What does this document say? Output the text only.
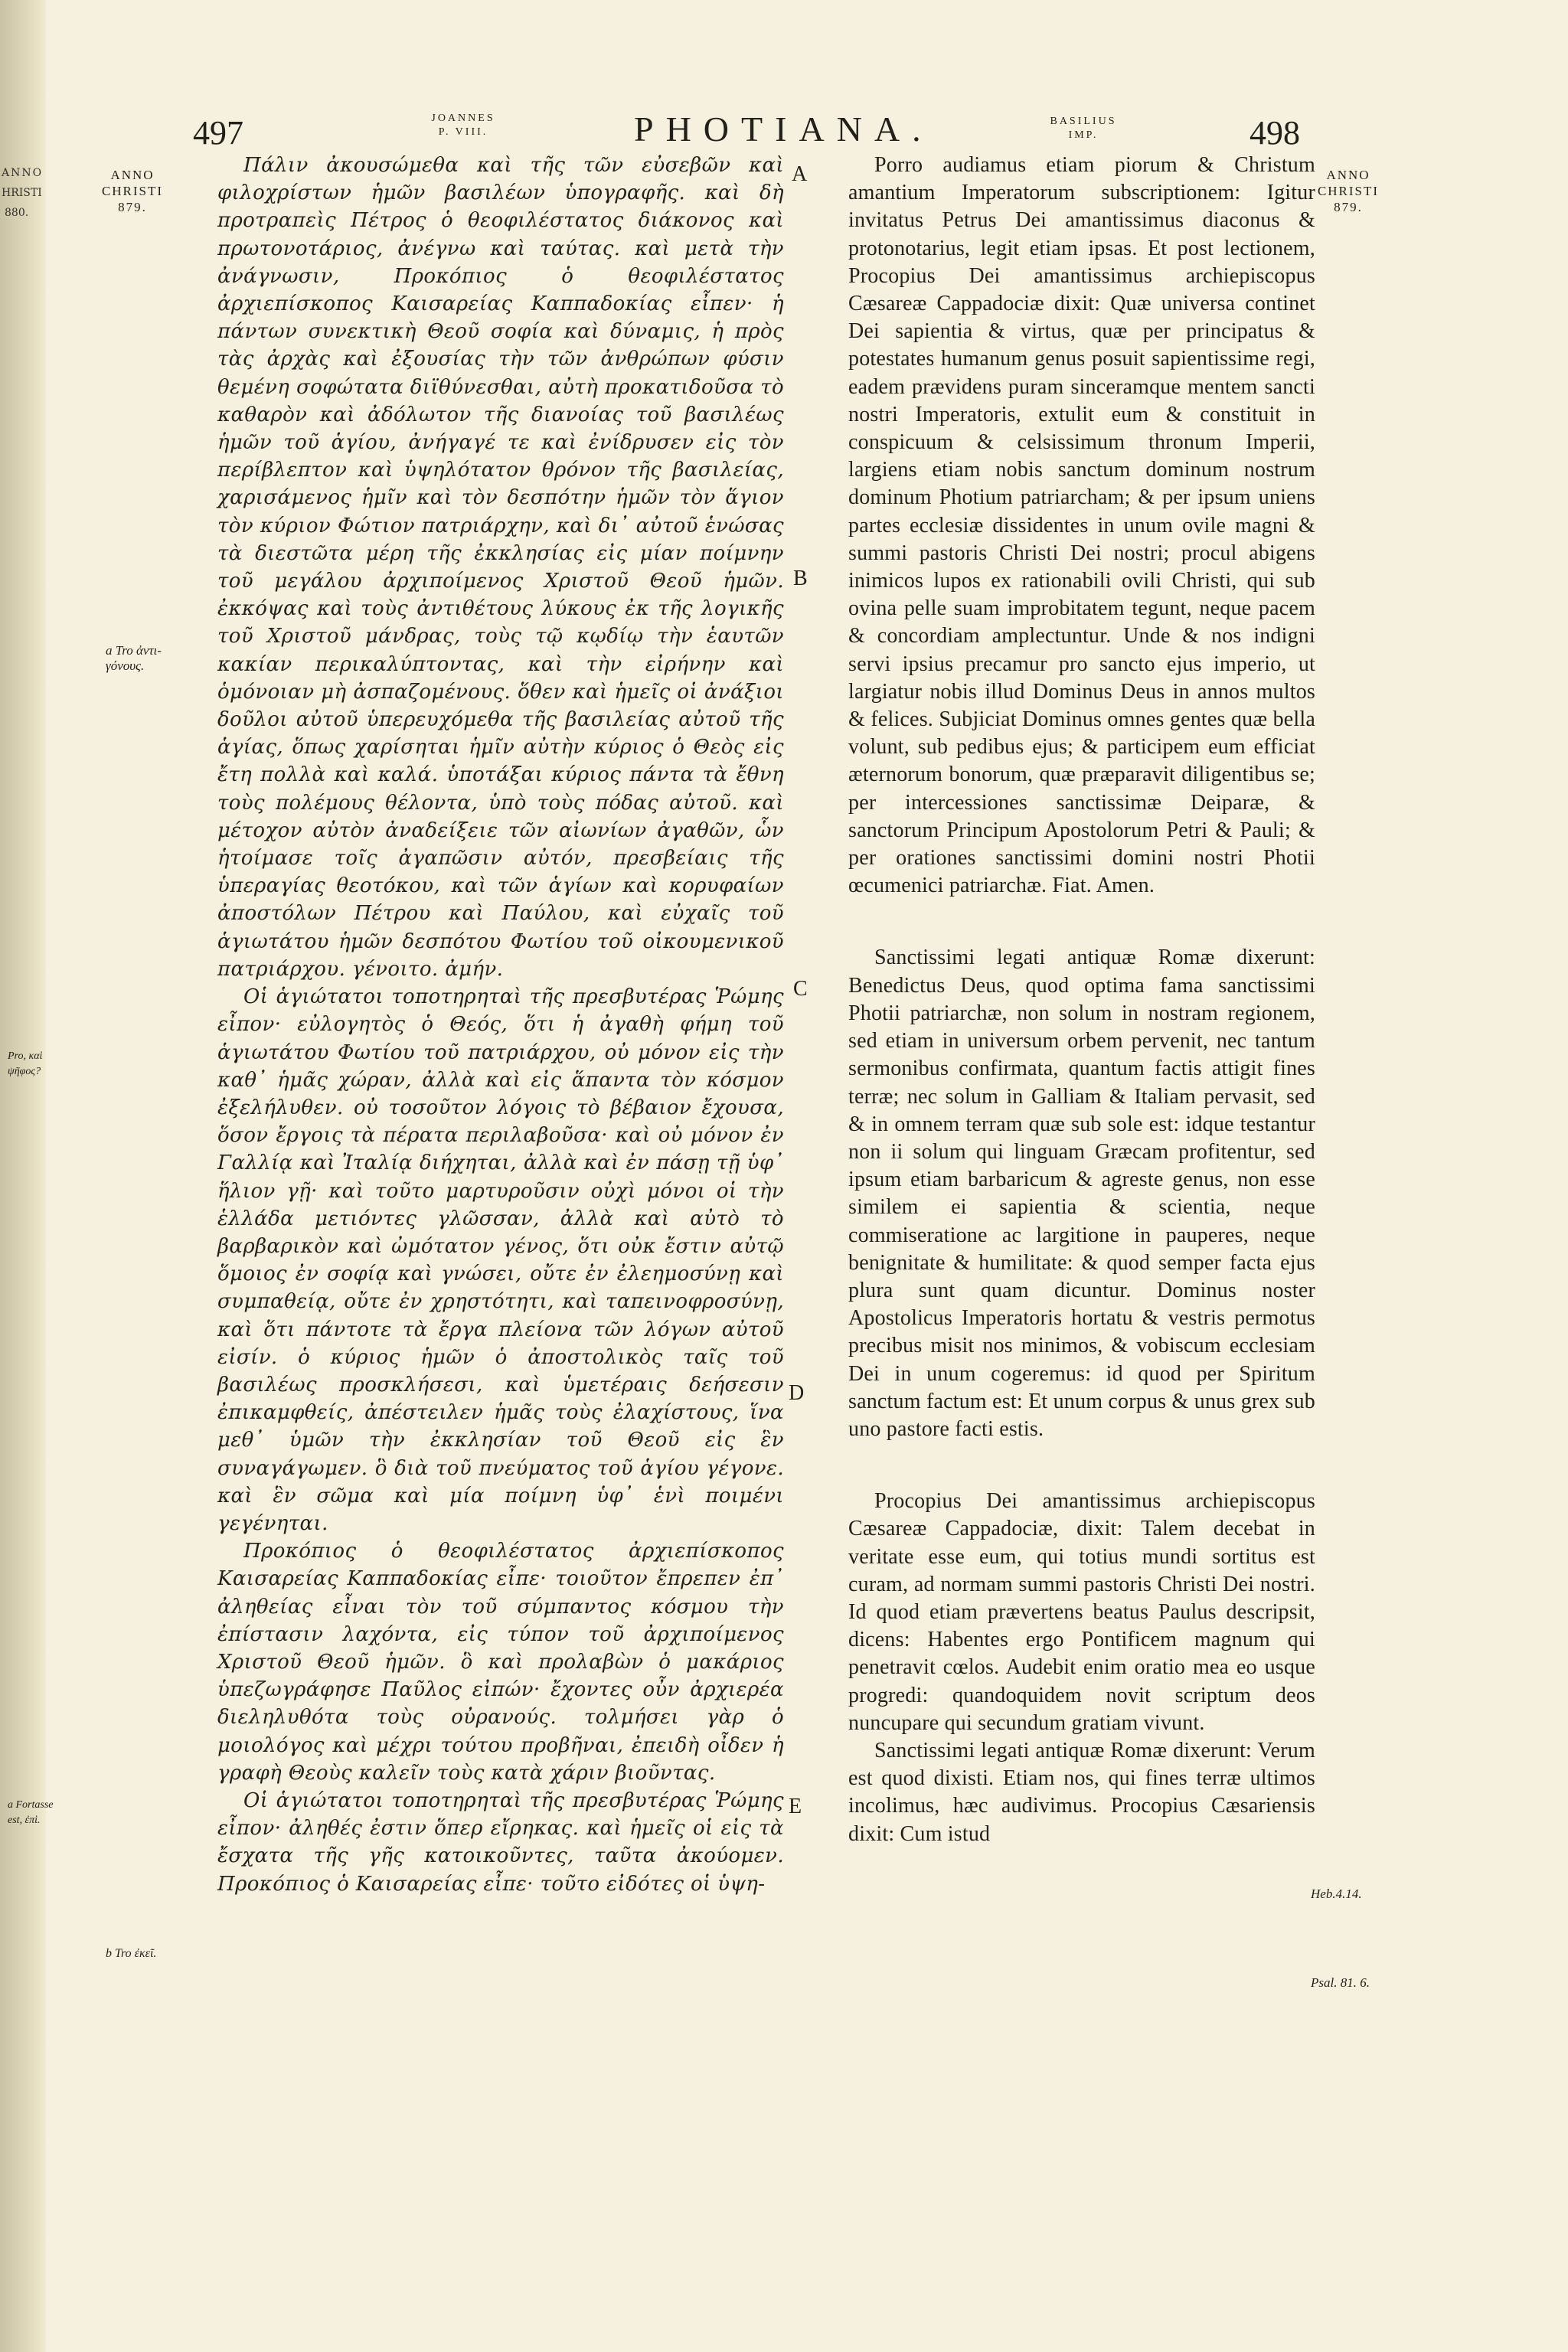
ANNO
HRISTI
880.
497	JOANNES
P. VIII.	PHOTIANA.	BASILIUS
IMP.	498
ANNO
CHRISTI
879.
ANNO
CHRISTI
879.
a Tro ἀντι-
γόνους.
Pro, καὶ
ψῆφος?
a Fortasse
est, ἐπὶ.
b Tro ἐκεῖ.
A
B
C
D
E
Heb.4.14.
Psal. 81. 6.

Πάλιν ἀκουσώμεθα καὶ τῆς τῶν εὐσεβῶν καὶ φιλοχρίστων ἡμῶν βασιλέων ὑπογραφῆς. καὶ δὴ προτραπεὶς Πέτρος ὁ θεοφιλέστατος διάκονος καὶ πρωτονοτάριος, ἀνέγνω καὶ ταύτας. καὶ μετὰ τὴν ἀνάγνωσιν, Προκόπιος ὁ θεοφιλέστατος ἀρχιεπίσκοπος Καισαρείας Καππαδοκίας εἶπεν· ἡ πάντων συνεκτικὴ Θεοῦ σοφία καὶ δύναμις, ἡ πρὸς τὰς ἀρχὰς καὶ ἐξουσίας τὴν τῶν ἀνθρώπων φύσιν θεμένη σοφώτατα διϊθύνεσθαι, αὐτὴ προκατιδοῦσα τὸ καθαρὸν καὶ ἀδόλωτον τῆς διανοίας τοῦ βασιλέως ἡμῶν τοῦ ἁγίου, ἀνήγαγέ τε καὶ ἐνίδρυσεν εἰς τὸν περίβλεπτον καὶ ὑψηλότατον θρόνον τῆς βασιλείας, χαρισάμενος ἡμῖν καὶ τὸν δεσπότην ἡμῶν τὸν ἅγιον τὸν κύριον Φώτιον πατριάρχην, καὶ δι᾽ αὐτοῦ ἑνώσας τὰ διεστῶτα μέρη τῆς ἐκκλησίας εἰς μίαν ποίμνην τοῦ μεγάλου ἀρχιποίμενος Χριστοῦ Θεοῦ ἡμῶν. ἐκκόψας καὶ τοὺς ἀντιθέτους λύκους ἐκ τῆς λογικῆς τοῦ Χριστοῦ μάνδρας, τοὺς τῷ κῳδίῳ τὴν ἑαυτῶν κακίαν περικαλύπτοντας, καὶ τὴν εἰρήνην καὶ ὁμόνοιαν μὴ ἀσπαζομένους. ὅθεν καὶ ἡμεῖς οἱ ἀνάξιοι δοῦλοι αὐτοῦ ὑπερευχόμεθα τῆς βασιλείας αὐτοῦ τῆς ἁγίας, ὅπως χαρίσηται ἡμῖν αὐτὴν κύριος ὁ Θεὸς εἰς ἔτη πολλὰ καὶ καλά. ὑποτάξαι κύριος πάντα τὰ ἔθνη τοὺς πολέμους θέλοντα, ὑπὸ τοὺς πόδας αὐτοῦ. καὶ μέτοχον αὐτὸν ἀναδείξειε τῶν αἰωνίων ἀγαθῶν, ὧν ἡτοίμασε τοῖς ἀγαπῶσιν αὐτόν, πρεσβείαις τῆς ὑπεραγίας θεοτόκου, καὶ τῶν ἁγίων καὶ κορυφαίων ἀποστόλων Πέτρου καὶ Παύλου, καὶ εὐχαῖς τοῦ ἁγιωτάτου ἡμῶν δεσπότου Φωτίου τοῦ οἰκουμενικοῦ πατριάρχου. γένοιτο. ἀμήν.

Οἱ ἁγιώτατοι τοποτηρηταὶ τῆς πρεσβυτέρας Ῥώμης εἶπον· εὐλογητὸς ὁ Θεός, ὅτι ἡ ἀγαθὴ φήμη τοῦ ἁγιωτάτου Φωτίου τοῦ πατριάρχου, οὐ μόνον εἰς τὴν καθ᾽ ἡμᾶς χώραν, ἀλλὰ καὶ εἰς ἅπαντα τὸν κόσμον ἐξελήλυθεν. οὐ τοσοῦτον λόγοις τὸ βέβαιον ἔχουσα, ὅσον ἔργοις τὰ πέρατα περιλαβοῦσα· καὶ οὐ μόνον ἐν Γαλλίᾳ καὶ Ἰταλίᾳ διήχηται, ἀλλὰ καὶ ἐν πάσῃ τῇ ὑφ᾽ ἥλιον γῇ· καὶ τοῦτο μαρτυροῦσιν οὐχὶ μόνοι οἱ τὴν ἑλλάδα μετιόντες γλῶσσαν, ἀλλὰ καὶ αὐτὸ τὸ βαρβαρικὸν καὶ ὠμότατον γένος, ὅτι οὐκ ἔστιν αὐτῷ ὅμοιος ἐν σοφίᾳ καὶ γνώσει, οὔτε ἐν ἐλεημοσύνῃ καὶ συμπαθείᾳ, οὔτε ἐν χρηστότητι, καὶ ταπεινοφροσύνῃ, καὶ ὅτι πάντοτε τὰ ἔργα πλείονα τῶν λόγων αὐτοῦ εἰσίν. ὁ κύριος ἡμῶν ὁ ἀποστολικὸς ταῖς τοῦ βασιλέως προσκλήσεσι, καὶ ὑμετέραις δεήσεσιν ἐπικαμφθείς, ἀπέστειλεν ἡμᾶς τοὺς ἐλαχίστους, ἵνα μεθ᾽ ὑμῶν τὴν ἐκκλησίαν τοῦ Θεοῦ εἰς ἓν συναγάγωμεν. ὃ διὰ τοῦ πνεύματος τοῦ ἁγίου γέγονε. καὶ ἓν σῶμα καὶ μία ποίμνη ὑφ᾽ ἑνὶ ποιμένι γεγένηται.

Προκόπιος ὁ θεοφιλέστατος ἀρχιεπίσκοπος Καισαρείας Καππαδοκίας εἶπε· τοιοῦτον ἔπρεπεν ἐπ᾽ ἀληθείας εἶναι τὸν τοῦ σύμπαντος κόσμου τὴν ἐπίστασιν λαχόντα, εἰς τύπον τοῦ ἀρχιποίμενος Χριστοῦ Θεοῦ ἡμῶν. ὃ καὶ προλαβὼν ὁ μακάριος ὑπεζωγράφησε Παῦλος εἰπών· ἔχοντες οὖν ἀρχιερέα διεληλυθότα τοὺς οὐρανούς. τολμήσει γὰρ ὁ μοιολόγος καὶ μέχρι τούτου προβῆναι, ἐπειδὴ οἶδεν ἡ γραφὴ Θεοὺς καλεῖν τοὺς κατὰ χάριν βιοῦντας.

Οἱ ἁγιώτατοι τοποτηρηταὶ τῆς πρεσβυτέρας Ῥώμης εἶπον· ἀληθές ἐστιν ὅπερ εἴρηκας. καὶ ἡμεῖς οἱ εἰς τὰ ἔσχατα τῆς γῆς κατοικοῦντες, ταῦτα ἀκούομεν. Προκόπιος ὁ Καισαρείας εἶπε· τοῦτο εἰδότες οἱ ὑψη-

Porro audiamus etiam piorum & Christum amantium Imperatorum subscriptionem: Igitur invitatus Petrus Dei amantissimus diaconus & protonotarius, legit etiam ipsas. Et post lectionem, Procopius Dei amantissimus archiepiscopus Cæsareæ Cappadociæ dixit: Quæ universa continet Dei sapientia & virtus, quæ per principatus & potestates humanum genus posuit sapientissime regi, eadem prævidens puram sinceramque mentem sancti nostri Imperatoris, extulit eum & constituit in conspicuum & celsissimum thronum Imperii, largiens etiam nobis sanctum dominum nostrum dominum Photium patriarcham; & per ipsum uniens partes ecclesiæ dissidentes in unum ovile magni & summi pastoris Christi Dei nostri; procul abigens inimicos lupos ex rationabili ovili Christi, qui sub ovina pelle suam improbitatem tegunt, neque pacem & concordiam amplectuntur. Unde & nos indigni servi ipsius precamur pro sancto ejus imperio, ut largiatur nobis illud Dominus Deus in annos multos & felices. Subjiciat Dominus omnes gentes quæ bella volunt, sub pedibus ejus; & participem eum efficiat æternorum bonorum, quæ præparavit diligentibus se; per intercessiones sanctissimæ Deiparæ, & sanctorum Principum Apostolorum Petri & Pauli; & per orationes sanctissimi domini nostri Photii œcumenici patriarchæ. Fiat. Amen.

Sanctissimi legati antiquæ Romæ dixerunt: Benedictus Deus, quod optima fama sanctissimi Photii patriarchæ, non solum in nostram regionem, sed etiam in universum orbem pervenit, nec tantum sermonibus confirmata, quantum factis attigit fines terræ; nec solum in Galliam & Italiam pervasit, sed & in omnem terram quæ sub sole est: idque testantur non ii solum qui linguam Græcam profitentur, sed ipsum etiam barbaricum & agreste genus, non esse similem ei sapientia & scientia, neque commiseratione ac largitione in pauperes, neque benignitate & humilitate: & quod semper facta ejus plura sunt quam dicuntur. Dominus noster Apostolicus Imperatoris hortatu & vestris permotus precibus misit nos minimos, & vobiscum ecclesiam Dei in unum cogeremus: id quod per Spiritum sanctum factum est: Et unum corpus & unus grex sub uno pastore facti estis.

Procopius Dei amantissimus archiepiscopus Cæsareæ Cappadociæ, dixit: Talem decebat in veritate esse eum, qui totius mundi sortitus est curam, ad normam summi pastoris Christi Dei nostri. Id quod etiam prævertens beatus Paulus descripsit, dicens: Habentes ergo Pontificem magnum qui penetravit cœlos. Audebit enim oratio mea eo usque progredi: quandoquidem novit scriptum deos nuncupare qui secundum gratiam vivunt.

Sanctissimi legati antiquæ Romæ dixerunt: Verum est quod dixisti. Etiam nos, qui fines terræ ultimos incolimus, hæc audivimus. Procopius Cæsariensis dixit: Cum istud
